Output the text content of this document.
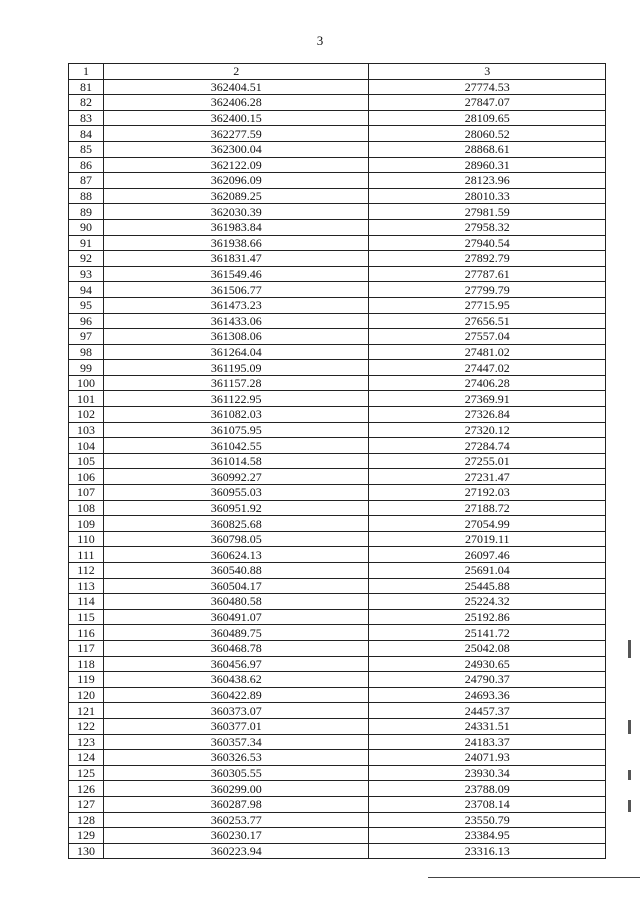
3
1	2	3
81	362404.51	27774.53
82	362406.28	27847.07
83	362400.15	28109.65
84	362277.59	28060.52
85	362300.04	28868.61
86	362122.09	28960.31
87	362096.09	28123.96
88	362089.25	28010.33
89	362030.39	27981.59
90	361983.84	27958.32
91	361938.66	27940.54
92	361831.47	27892.79
93	361549.46	27787.61
94	361506.77	27799.79
95	361473.23	27715.95
96	361433.06	27656.51
97	361308.06	27557.04
98	361264.04	27481.02
99	361195.09	27447.02
100	361157.28	27406.28
101	361122.95	27369.91
102	361082.03	27326.84
103	361075.95	27320.12
104	361042.55	27284.74
105	361014.58	27255.01
106	360992.27	27231.47
107	360955.03	27192.03
108	360951.92	27188.72
109	360825.68	27054.99
110	360798.05	27019.11
111	360624.13	26097.46
112	360540.88	25691.04
113	360504.17	25445.88
114	360480.58	25224.32
115	360491.07	25192.86
116	360489.75	25141.72
117	360468.78	25042.08
118	360456.97	24930.65
119	360438.62	24790.37
120	360422.89	24693.36
121	360373.07	24457.37
122	360377.01	24331.51
123	360357.34	24183.37
124	360326.53	24071.93
125	360305.55	23930.34
126	360299.00	23788.09
127	360287.98	23708.14
128	360253.77	23550.79
129	360230.17	23384.95
130	360223.94	23316.13
